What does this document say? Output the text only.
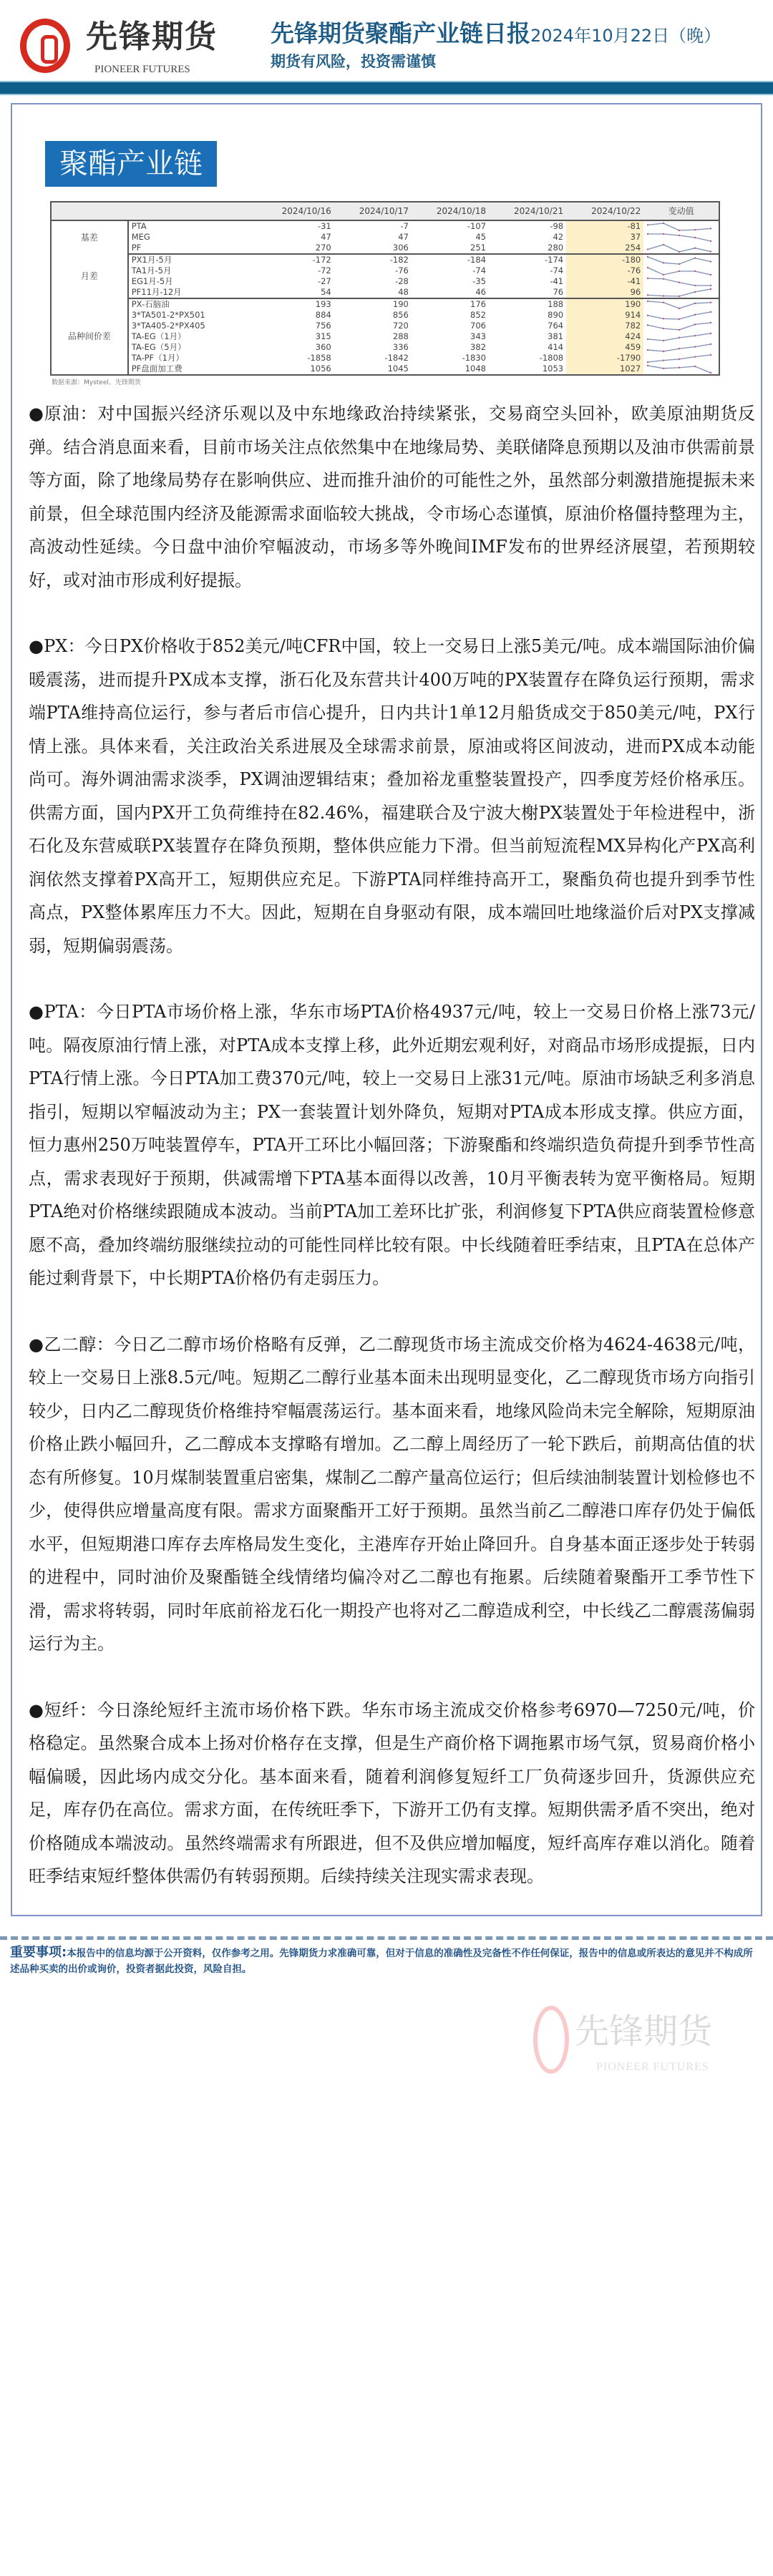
先锋期货
PIONEER FUTURES
先锋期货聚酯产业链日报2024年10月22日（晚）
期货有风险，投资需谨慎
聚酯产业链
		2024/10/16	2024/10/17	2024/10/18	2024/10/21	2024/10/22	变动值
基差	PTA	-31	-7	-107	-98	-81	

	MEG	47	47	45	42	37	

	PF	270	306	251	280	254	

月差	PX1月-5月	-172	-182	-184	-174	-180	

	TA1月-5月	-72	-76	-74	-74	-76	

	EG1月-5月	-27	-28	-35	-41	-41	

	PF11月-12月	54	48	46	76	96	

品种间价差	PX-石脑油	193	190	176	188	190	

	3*TA501-2*PX501	884	856	852	890	914	

	3*TA405-2*PX405	756	720	706	764	782	

	TA-EG（1月）	315	288	343	381	424	

	TA-EG（5月）	360	336	382	414	459	

	TA-PF（1月）	-1858	-1842	-1830	-1808	-1790	

	PF盘面加工费	1056	1045	1048	1053	1027	
数据来源：Mysteel、先锋期货
●原油：对中国振兴经济乐观以及中东地缘政治持续紧张，交易商空头回补，欧美原油期货反弹。结合消息面来看，目前市场关注点依然集中在地缘局势、美联储降息预期以及油市供需前景等方面，除了地缘局势存在影响供应、进而推升油价的可能性之外，虽然部分刺激措施提振未来前景，但全球范围内经济及能源需求面临较大挑战，令市场心态谨慎，原油价格僵持整理为主，高波动性延续。今日盘中油价窄幅波动，市场多等外晚间IMF发布的世界经济展望，若预期较好，或对油市形成利好提振。
●PX：今日PX价格收于852美元/吨CFR中国，较上一交易日上涨5美元/吨。成本端国际油价偏暖震荡，进而提升PX成本支撑，浙石化及东营共计400万吨的PX装置存在降负运行预期，需求端PTA维持高位运行，参与者后市信心提升，日内共计1单12月船货成交于850美元/吨，PX行情上涨。具体来看，关注政治关系进展及全球需求前景，原油或将区间波动，进而PX成本动能尚可。海外调油需求淡季，PX调油逻辑结束；叠加裕龙重整装置投产，四季度芳烃价格承压。供需方面，国内PX开工负荷维持在82.46%，福建联合及宁波大榭PX装置处于年检进程中，浙石化及东营威联PX装置存在降负预期，整体供应能力下滑。但当前短流程MX异构化产PX高利润依然支撑着PX高开工，短期供应充足。下游PTA同样维持高开工，聚酯负荷也提升到季节性高点，PX整体累库压力不大。因此，短期在自身驱动有限，成本端回吐地缘溢价后对PX支撑减弱，短期偏弱震荡。
●PTA：今日PTA市场价格上涨，华东市场PTA价格4937元/吨，较上一交易日价格上涨73元/吨。隔夜原油行情上涨，对PTA成本支撑上移，此外近期宏观利好，对商品市场形成提振，日内PTA行情上涨。今日PTA加工费370元/吨，较上一交易日上涨31元/吨。原油市场缺乏利多消息指引，短期以窄幅波动为主；PX一套装置计划外降负，短期对PTA成本形成支撑。供应方面，恒力惠州250万吨装置停车，PTA开工环比小幅回落；下游聚酯和终端织造负荷提升到季节性高点，需求表现好于预期，供减需增下PTA基本面得以改善，10月平衡表转为宽平衡格局。短期PTA绝对价格继续跟随成本波动。当前PTA加工差环比扩张，利润修复下PTA供应商装置检修意愿不高，叠加终端纺服继续拉动的可能性同样比较有限。中长线随着旺季结束，且PTA在总体产能过剩背景下，中长期PTA价格仍有走弱压力。
●乙二醇：今日乙二醇市场价格略有反弹，乙二醇现货市场主流成交价格为4624-4638元/吨，较上一交易日上涨8.5元/吨。短期乙二醇行业基本面未出现明显变化，乙二醇现货市场方向指引较少，日内乙二醇现货价格维持窄幅震荡运行。基本面来看，地缘风险尚未完全解除，短期原油价格止跌小幅回升，乙二醇成本支撑略有增加。乙二醇上周经历了一轮下跌后，前期高估值的状态有所修复。10月煤制装置重启密集，煤制乙二醇产量高位运行；但后续油制装置计划检修也不少，使得供应增量高度有限。需求方面聚酯开工好于预期。虽然当前乙二醇港口库存仍处于偏低水平，但短期港口库存去库格局发生变化，主港库存开始止降回升。自身基本面正逐步处于转弱的进程中，同时油价及聚酯链全线情绪均偏冷对乙二醇也有拖累。后续随着聚酯开工季节性下滑，需求将转弱，同时年底前裕龙石化一期投产也将对乙二醇造成利空，中长线乙二醇震荡偏弱运行为主。
●短纤：今日涤纶短纤主流市场价格下跌。华东市场主流成交价格参考6970—7250元/吨，价格稳定。虽然聚合成本上扬对价格存在支撑，但是生产商价格下调拖累市场气氛，贸易商价格小幅偏暖，因此场内成交分化。基本面来看，随着利润修复短纤工厂负荷逐步回升，货源供应充足，库存仍在高位。需求方面，在传统旺季下，下游开工仍有支撑。短期供需矛盾不突出，绝对价格随成本端波动。虽然终端需求有所跟进，但不及供应增加幅度，短纤高库存难以消化。随着旺季结束短纤整体供需仍有转弱预期。后续持续关注现实需求表现。
重要事项:本报告中的信息均源于公开资料，仅作参考之用。先锋期货力求准确可靠，但对于信息的准确性及完备性不作任何保证，报告中的信息或所表达的意见并不构成所述品种买卖的出价或询价，投资者据此投资，风险自担。
先锋期货
PIONEER FUTURES
